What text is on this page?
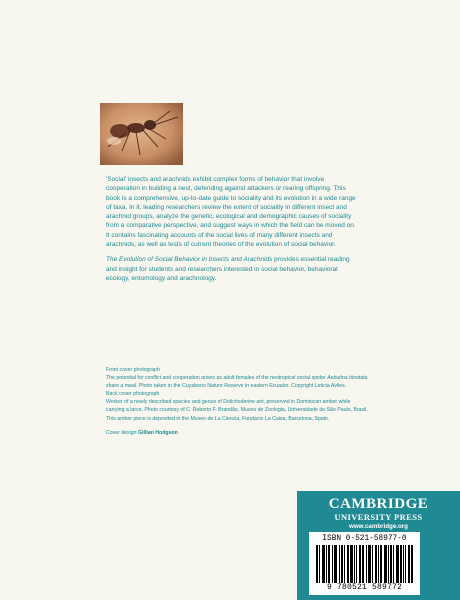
'Social' insects and arachnids exhibit complex forms of behavior that involve cooperation in building a nest, defending against attackers or rearing offspring. This book is a comprehensive, up-to-date guide to sociality and its evolution in a wide range of taxa. In it, leading researchers review the extent of sociality in different insect and arachnid groups, analyze the genetic, ecological and demographic causes of sociality from a comparative perspective, and suggest ways in which the field can be moved on. It contains fascinating accounts of the social lives of many different insects and arachnids, as well as tests of current theories of the evolution of social behavior.

The Evolution of Social Behavior in Insects and Arachnids provides essential reading and insight for students and researchers interested in social behavior, behavioral ecology, entomology and arachnology.

Front cover photograph
The potential for conflict and cooperation arises as adult females of the neotropical social spider Aebutina binotata share a meal. Photo taken in the Cuyabeno Nature Reserve in eastern Ecuador. Copyright Leticia Aviles.
Back cover photograph
Worker of a newly described species and genus of Dolichoderine ant, preserved in Dominican amber while carrying a larva. Photo courtesy of C. Roberto F. Brandão, Museu de Zoologia, Universidade de São Paulo, Brasil. This amber piece is deposited in the Museo de La Ciencia, Fundacio La Caixa, Barcelona, Spain.
Cover design Gillian Hodgson
CAMBRIDGE
UNIVERSITY PRESS
www.cambridge.org
ISBN 0-521-58977-0
9 780521 589772
